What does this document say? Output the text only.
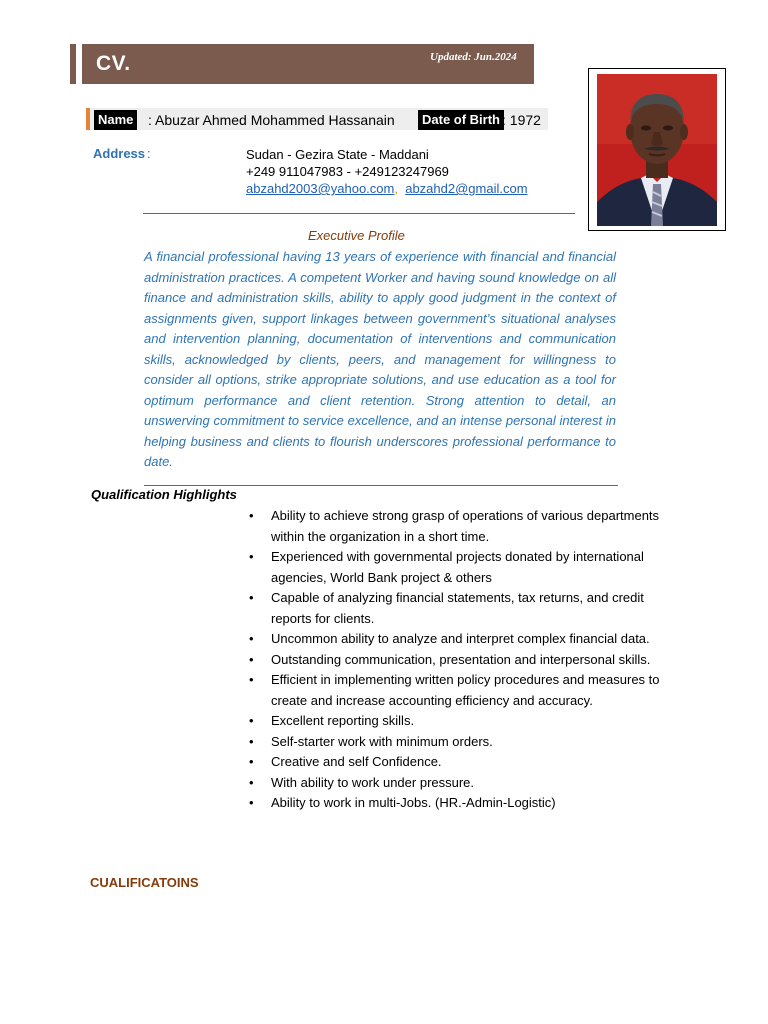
CV.	Updated: Jun.2024
Name : Abuzar Ahmed Mohammed Hassanain	Date of Birth : 1972
Address :	Sudan - Gezira State - Maddani
+249 911047983 - +249123247969
abzahd2003@yahoo.com, abzahd2@gmail.com
Executive Profile
A financial professional having 13 years of experience with financial and financial administration practices. A competent Worker and having sound knowledge on all finance and administration skills, ability to apply good judgment in the context of assignments given, support linkages between government’s situational analyses and intervention planning, documentation of interventions and communication skills, acknowledged by clients, peers, and management for willingness to consider all options, strike appropriate solutions, and use education as a tool for optimum performance and client retention. Strong attention to detail, an unswerving commitment to service excellence, and an intense personal interest in helping business and clients to flourish underscores professional performance to date.
Qualification Highlights
• Ability to achieve strong grasp of operations of various departments within the organization in a short time.
• Experienced with governmental projects donated by international agencies, World Bank project & others
• Capable of analyzing financial statements, tax returns, and credit reports for clients.
• Uncommon ability to analyze and interpret complex financial data.
• Outstanding communication, presentation and interpersonal skills.
• Efficient in implementing written policy procedures and measures to create and increase accounting efficiency and accuracy.
• Excellent reporting skills.
• Self-starter work with minimum orders.
• Creative and self Confidence.
• With ability to work under pressure.
• Ability to work in multi-Jobs. (HR.-Admin-Logistic)
CUALIFICATOINS
